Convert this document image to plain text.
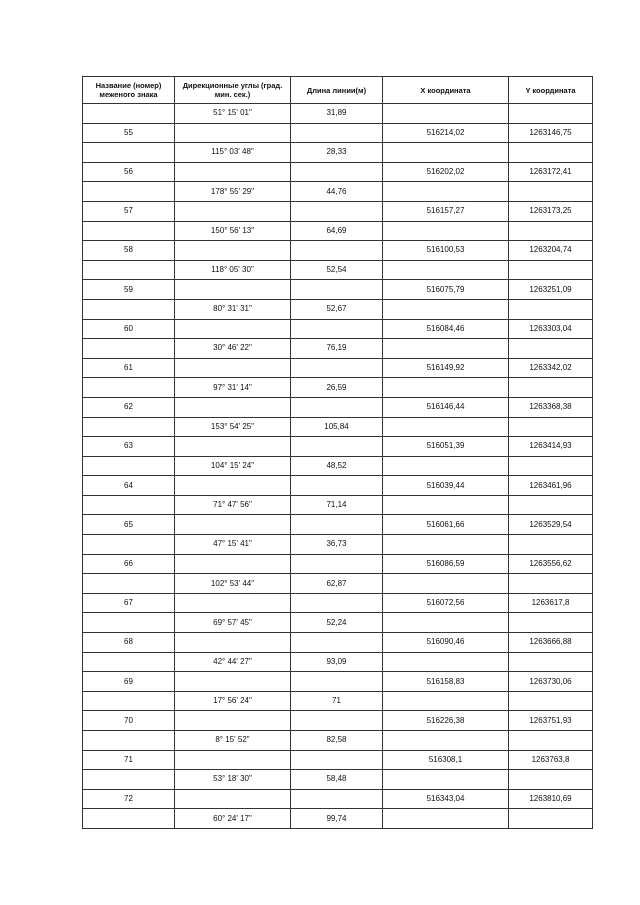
Название (номер) меженого знака	Дирекционные углы (град. мин. сек.)	Длина линии(м)	X координата	Y координата
	51° 15' 01"	31,89		
55			516214,02	1263146,75
	115° 03' 48"	28,33		
56			516202,02	1263172,41
	178° 55' 29"	44,76		
57			516157,27	1263173,25
	150° 56' 13"	64,69		
58			516100,53	1263204,74
	118° 05' 30"	52,54		
59			516075,79	1263251,09
	80° 31' 31"	52,67		
60			516084,46	1263303,04
	30° 46' 22"	76,19		
61			516149,92	1263342,02
	97° 31' 14"	26,59		
62			516146,44	1263368,38
	153° 54' 25"	105,84		
63			516051,39	1263414,93
	104° 15' 24"	48,52		
64			516039,44	1263461,96
	71° 47' 56"	71,14		
65			516061,66	1263529,54
	47° 15' 41"	36,73		
66			516086,59	1263556,62
	102° 53' 44"	62,87		
67			516072,56	1263617,8
	69° 57' 45"	52,24		
68			516090,46	1263666,88
	42° 44' 27"	93,09		
69			516158,83	1263730,06
	17° 56' 24"	71		
70			516226,38	1263751,93
	8° 15' 52"	82,58		
71			516308,1	1263763,8
	53° 18' 30"	58,48		
72			516343,04	1263810,69
	60° 24' 17"	99,74		
